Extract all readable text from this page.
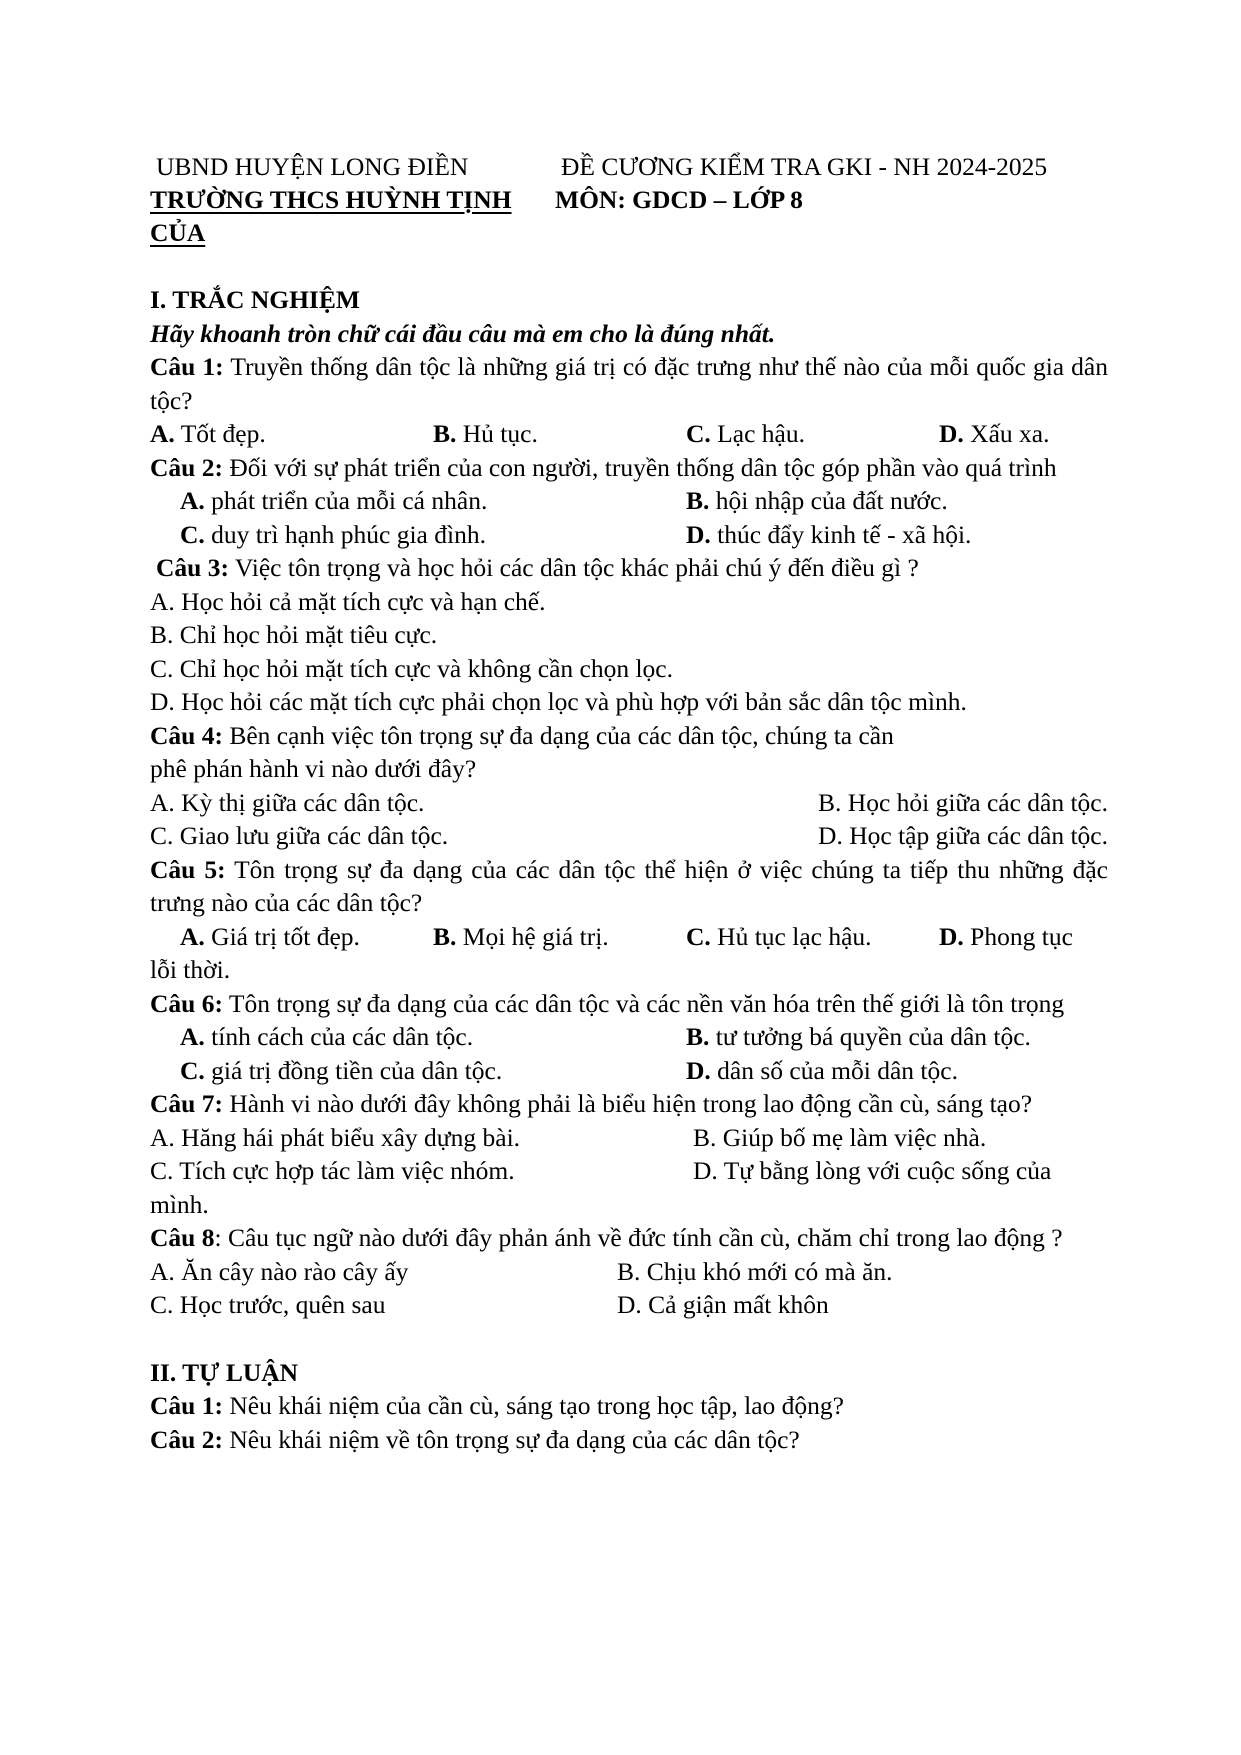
UBND HUYỆN LONG ĐIỀN	ĐỀ CƯƠNG KIỂM TRA GKI - NH 2024-2025
TRƯỜNG THCS HUỲNH TỊNH CỦA
MÔN: GDCD – LỚP 8
I. TRẮC NGHIỆM
Hãy khoanh tròn chữ cái đầu câu mà em cho là đúng nhất.
Câu 1: Truyền thống dân tộc là những giá trị có đặc trưng như thế nào của mỗi quốc gia dân tộc?
A. Tốt đẹp.	B. Hủ tục.	C. Lạc hậu.	D. Xấu xa.
Câu 2: Đối với sự phát triển của con người, truyền thống dân tộc góp phần vào quá trình
A. phát triển của mỗi cá nhân.	B. hội nhập của đất nước.
C. duy trì hạnh phúc gia đình.	D. thúc đẩy kinh tế - xã hội.
Câu 3: Việc tôn trọng và học hỏi các dân tộc khác phải chú ý đến điều gì ?
A. Học hỏi cả mặt tích cực và hạn chế.
B. Chỉ học hỏi mặt tiêu cực.
C. Chỉ học hỏi mặt tích cực và không cần chọn lọc.
D. Học hỏi các mặt tích cực phải chọn lọc và phù hợp với bản sắc dân tộc mình.
Câu 4: Bên cạnh việc tôn trọng sự đa dạng của các dân tộc, chúng ta cần
phê phán hành vi nào dưới đây?
A. Kỳ thị giữa các dân tộc.	B. Học hỏi giữa các dân tộc.
C. Giao lưu giữa các dân tộc.	D. Học tập giữa các dân tộc.
Câu 5: Tôn trọng sự đa dạng của các dân tộc thể hiện ở việc chúng ta tiếp thu những đặc trưng nào của các dân tộc?
A. Giá trị tốt đẹp.	B. Mọi hệ giá trị.	C. Hủ tục lạc hậu.	D. Phong tục
lỗi thời.
Câu 6: Tôn trọng sự đa dạng của các dân tộc và các nền văn hóa trên thế giới là tôn trọng
A. tính cách của các dân tộc.	B. tư tưởng bá quyền của dân tộc.
C. giá trị đồng tiền của dân tộc.	D. dân số của mỗi dân tộc.
Câu 7: Hành vi nào dưới đây không phải là biểu hiện trong lao động cần cù, sáng tạo?
A. Hăng hái phát biểu xây dựng bài.	B. Giúp bố mẹ làm việc nhà.
C. Tích cực hợp tác làm việc nhóm.	D. Tự bằng lòng với cuộc sống của
mình.
Câu 8: Câu tục ngữ nào dưới đây phản ánh về đức tính cần cù, chăm chỉ trong lao động ?
A. Ăn cây nào rào cây ấy	B. Chịu khó mới có mà ăn.
C. Học trước, quên sau	D. Cả giận mất khôn
II. TỰ LUẬN
Câu 1: Nêu khái niệm của cần cù, sáng tạo trong học tập, lao động?
Câu 2: Nêu khái niệm về tôn trọng sự đa dạng của các dân tộc?
